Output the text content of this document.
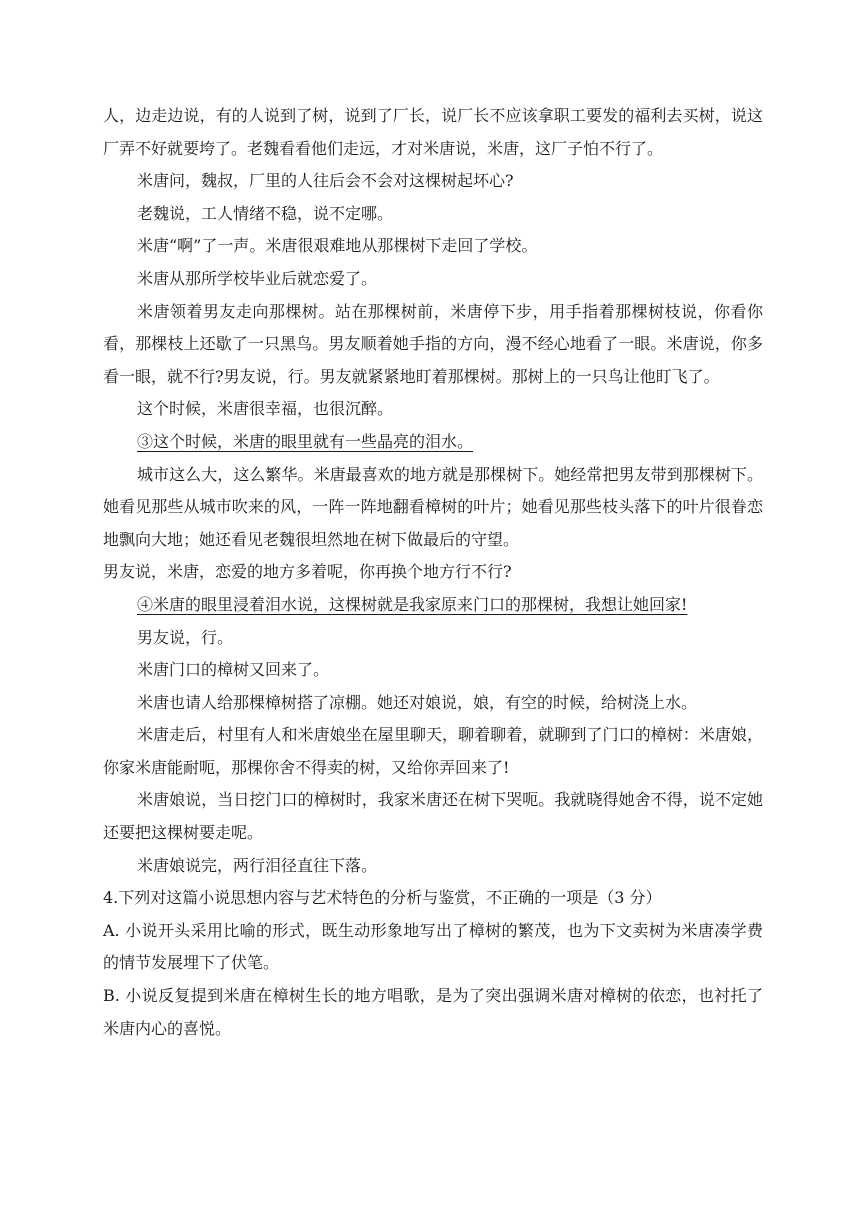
人，边走边说，有的人说到了树，说到了厂长，说厂长不应该拿职工要发的福利去买树，说这厂弄不好就要垮了。老魏看看他们走远，才对米唐说，米唐，这厂子怕不行了。

米唐问，魏叔，厂里的人往后会不会对这棵树起坏心?

老魏说，工人情绪不稳，说不定哪。

米唐“啊”了一声。米唐很艰难地从那棵树下走回了学校。

米唐从那所学校毕业后就恋爱了。

米唐领着男友走向那棵树。站在那棵树前，米唐停下步，用手指着那棵树枝说，你看你看，那棵枝上还歇了一只黑鸟。男友顺着她手指的方向，漫不经心地看了一眼。米唐说，你多看一眼，就不行?男友说，行。男友就紧紧地盯着那棵树。那树上的一只鸟让他盯飞了。

这个时候，米唐很幸福，也很沉醉。

③这个时候，米唐的眼里就有一些晶亮的泪水。

城市这么大，这么繁华。米唐最喜欢的地方就是那棵树下。她经常把男友带到那棵树下。她看见那些从城市吹来的风，一阵一阵地翻看樟树的叶片；她看见那些枝头落下的叶片很眷恋地飘向大地；她还看见老魏很坦然地在树下做最后的守望。

男友说，米唐，恋爱的地方多着呢，你再换个地方行不行?

④米唐的眼里浸着泪水说，这棵树就是我家原来门口的那棵树，我想让她回家!

男友说，行。

米唐门口的樟树又回来了。

米唐也请人给那棵樟树搭了凉棚。她还对娘说，娘，有空的时候，给树浇上水。

米唐走后，村里有人和米唐娘坐在屋里聊天，聊着聊着，就聊到了门口的樟树：米唐娘，你家米唐能耐呃，那棵你舍不得卖的树，又给你弄回来了!

米唐娘说，当日挖门口的樟树时，我家米唐还在树下哭呃。我就晓得她舍不得，说不定她还要把这棵树要走呢。

米唐娘说完，两行泪径直往下落。

4.下列对这篇小说思想内容与艺术特色的分析与鉴赏，不正确的一项是（3 分）

A. 小说开头采用比喻的形式，既生动形象地写出了樟树的繁茂，也为下文卖树为米唐凑学费的情节发展埋下了伏笔。

B. 小说反复提到米唐在樟树生长的地方唱歌，是为了突出强调米唐对樟树的依恋，也衬托了米唐内心的喜悦。
